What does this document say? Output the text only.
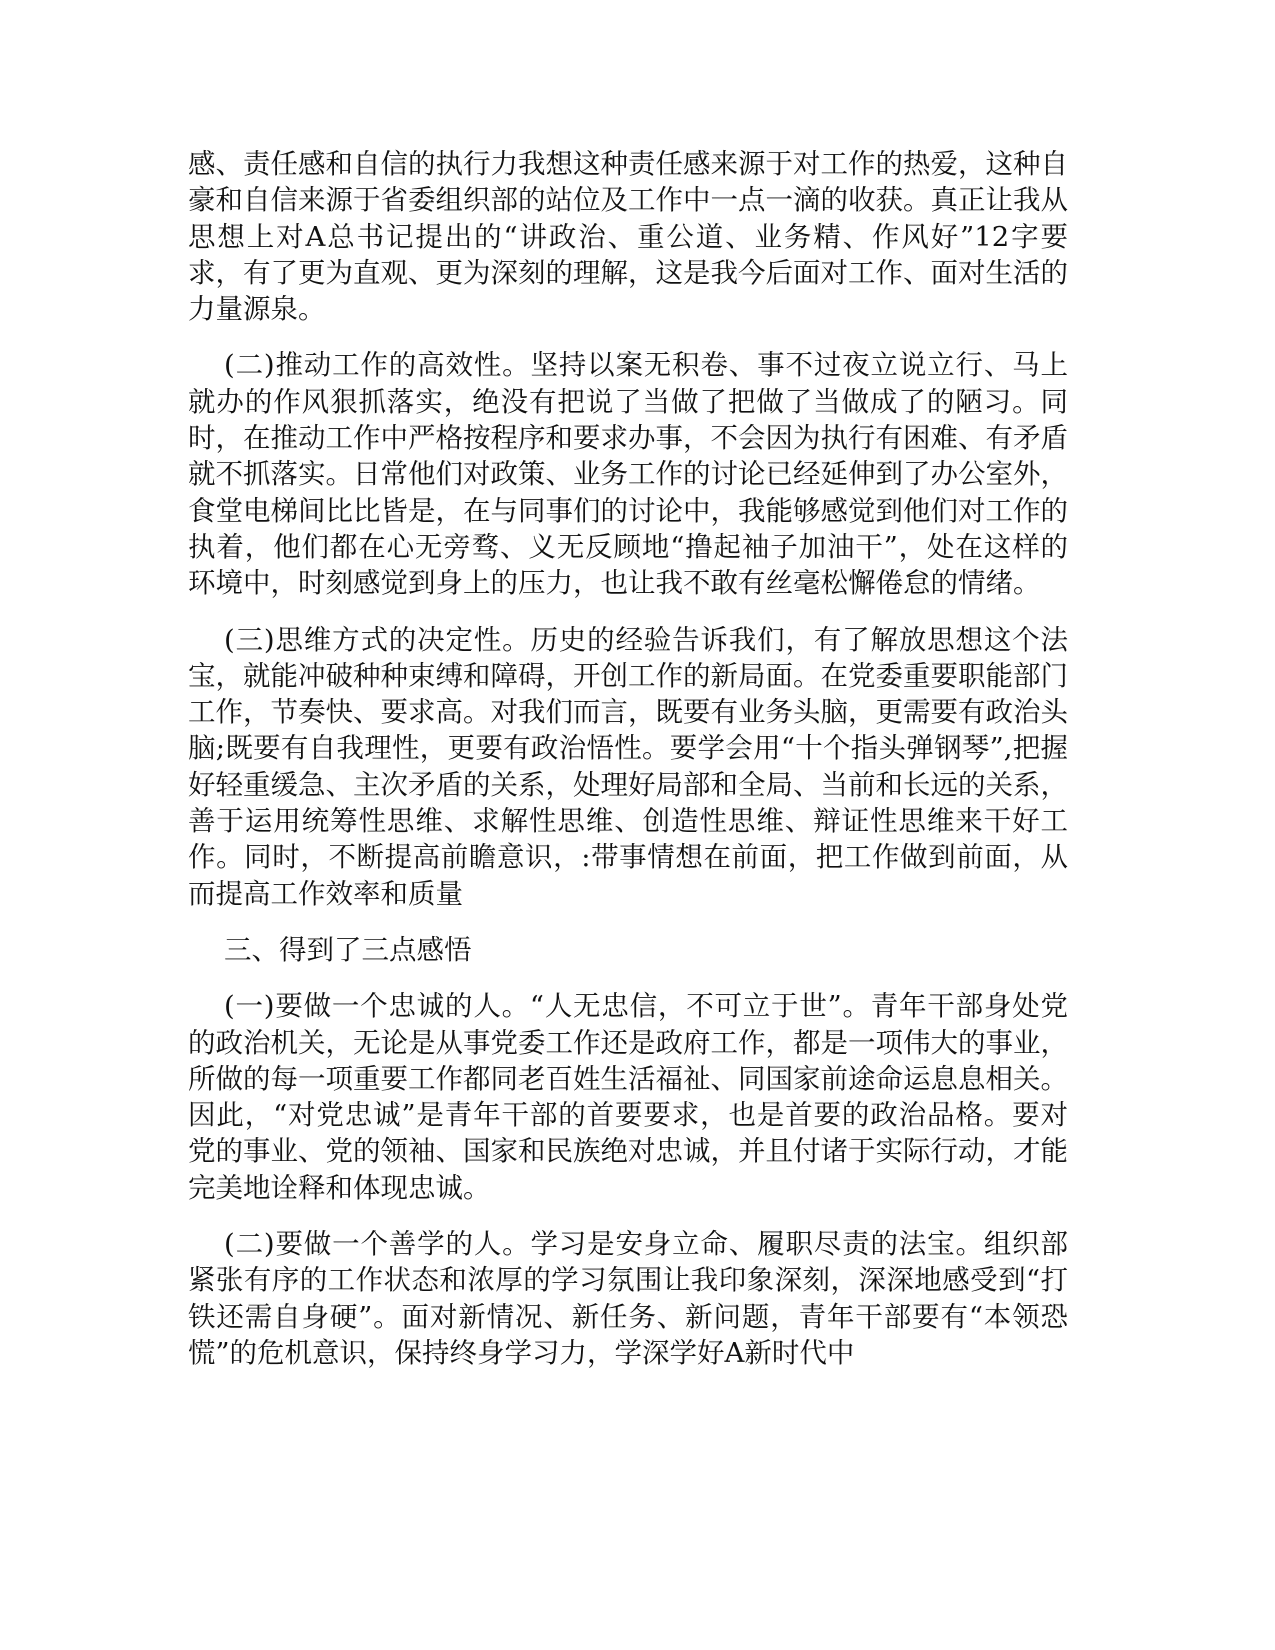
感、责任感和自信的执行力我想这种责任感来源于对工作的热爱，这种自豪和自信来源于省委组织部的站位及工作中一点一滴的收获。真正让我从思想上对A总书记提出的“讲政治、重公道、业务精、作风好”12字要求，有了更为直观、更为深刻的理解，这是我今后面对工作、面对生活的力量源泉。

(二)推动工作的高效性。坚持以案无积卷、事不过夜立说立行、马上就办的作风狠抓落实，绝没有把说了当做了把做了当做成了的陋习。同时，在推动工作中严格按程序和要求办事，不会因为执行有困难、有矛盾就不抓落实。日常他们对政策、业务工作的讨论已经延伸到了办公室外，食堂电梯间比比皆是，在与同事们的讨论中，我能够感觉到他们对工作的执着，他们都在心无旁骛、义无反顾地“撸起袖子加油干”，处在这样的环境中，时刻感觉到身上的压力，也让我不敢有丝毫松懈倦怠的情绪。

(三)思维方式的决定性。历史的经验告诉我们，有了解放思想这个法宝，就能冲破种种束缚和障碍，开创工作的新局面。在党委重要职能部门工作，节奏快、要求高。对我们而言，既要有业务头脑，更需要有政治头脑;既要有自我理性，更要有政治悟性。要学会用“十个指头弹钢琴”,把握好轻重缓急、主次矛盾的关系，处理好局部和全局、当前和长远的关系，善于运用统筹性思维、求解性思维、创造性思维、辩证性思维来干好工作。同时，不断提高前瞻意识，:带事情想在前面，把工作做到前面，从而提高工作效率和质量

三、得到了三点感悟

(一)要做一个忠诚的人。“人无忠信，不可立于世”。青年干部身处党的政治机关，无论是从事党委工作还是政府工作，都是一项伟大的事业，所做的每一项重要工作都同老百姓生活福祉、同国家前途命运息息相关。因此，“对党忠诚”是青年干部的首要要求，也是首要的政治品格。要对党的事业、党的领袖、国家和民族绝对忠诚，并且付诸于实际行动，才能完美地诠释和体现忠诚。

(二)要做一个善学的人。学习是安身立命、履职尽责的法宝。组织部紧张有序的工作状态和浓厚的学习氛围让我印象深刻，深深地感受到“打铁还需自身硬”。面对新情况、新任务、新问题，青年干部要有“本领恐慌”的危机意识，保持终身学习力，学深学好A新时代中
